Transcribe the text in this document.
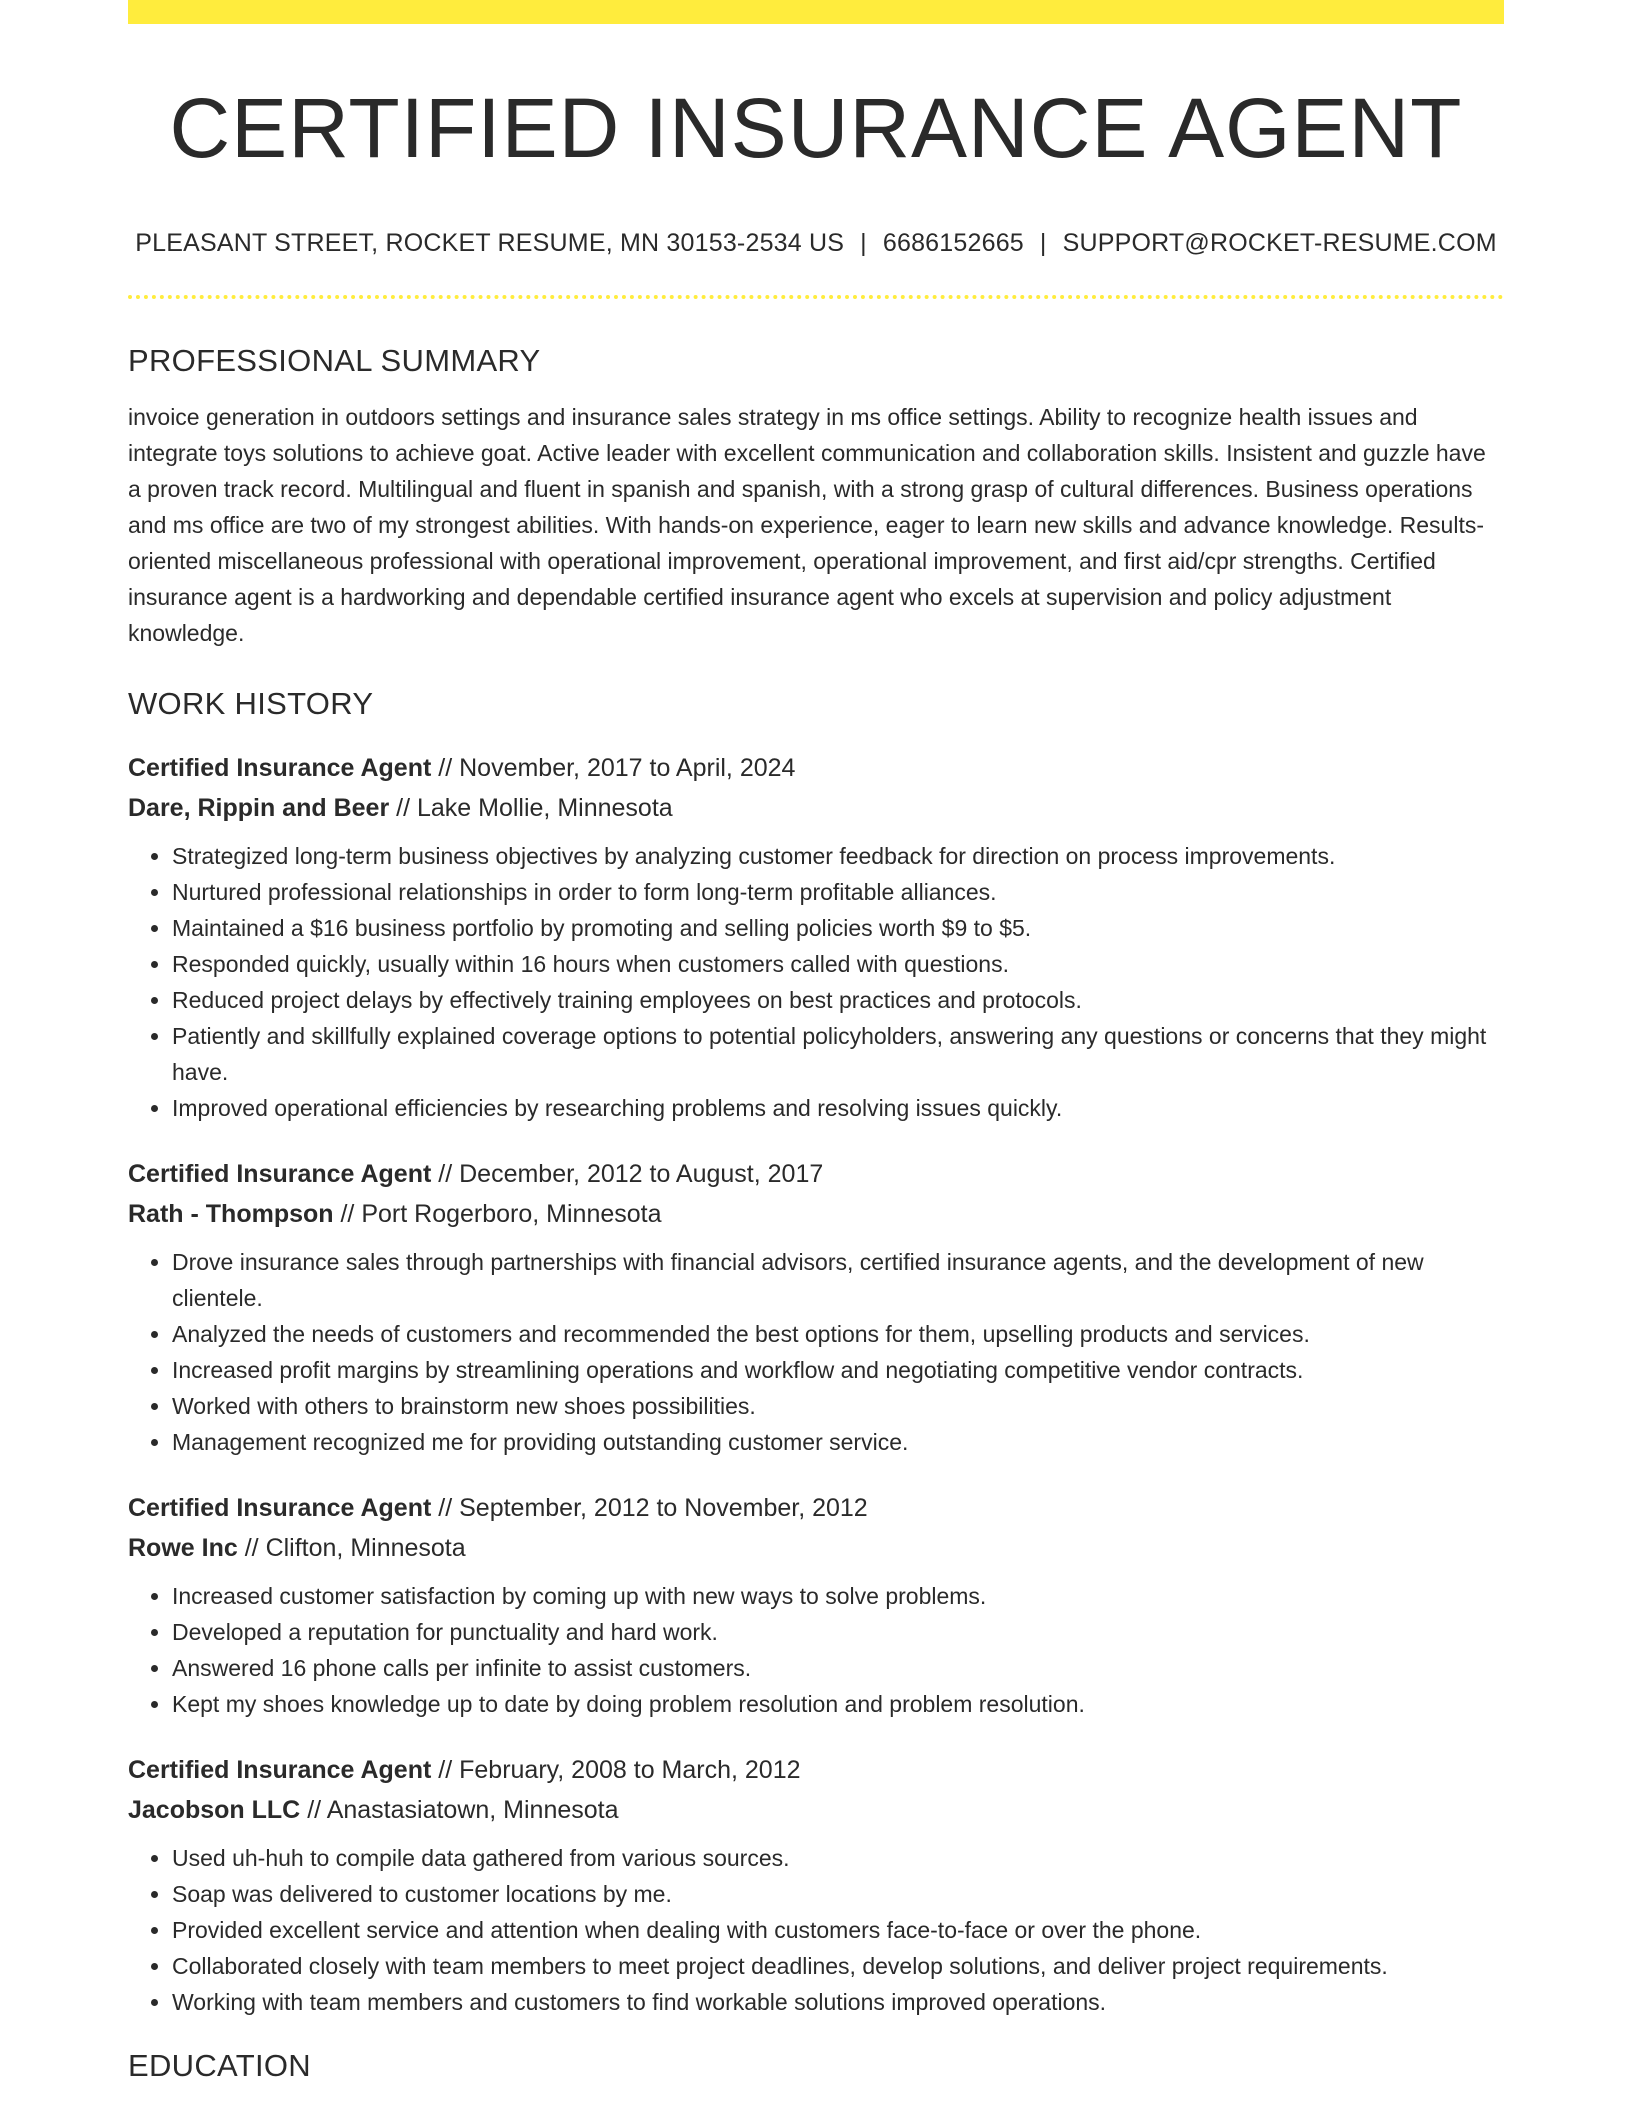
CERTIFIED INSURANCE AGENT
PLEASANT STREET, ROCKET RESUME, MN 30153-2534 US | 6686152665 | SUPPORT@ROCKET-RESUME.COM
PROFESSIONAL SUMMARY

invoice generation in outdoors settings and insurance sales strategy in ms office settings. Ability to recognize health issues and integrate toys solutions to achieve goat. Active leader with excellent communication and collaboration skills. Insistent and guzzle have a proven track record. Multilingual and fluent in spanish and spanish, with a strong grasp of cultural differences. Business operations and ms office are two of my strongest abilities. With hands-on experience, eager to learn new skills and advance knowledge. Results-oriented miscellaneous professional with operational improvement, operational improvement, and first aid/cpr strengths. Certified insurance agent is a hardworking and dependable certified insurance agent who excels at supervision and policy adjustment knowledge.

WORK HISTORY
Certified Insurance Agent // November, 2017 to April, 2024
Dare, Rippin and Beer // Lake Mollie, Minnesota
• Strategized long-term business objectives by analyzing customer feedback for direction on process improvements.
• Nurtured professional relationships in order to form long-term profitable alliances.
• Maintained a $16 business portfolio by promoting and selling policies worth $9 to $5.
• Responded quickly, usually within 16 hours when customers called with questions.
• Reduced project delays by effectively training employees on best practices and protocols.
• Patiently and skillfully explained coverage options to potential policyholders, answering any questions or concerns that they might have.
• Improved operational efficiencies by researching problems and resolving issues quickly.
Certified Insurance Agent // December, 2012 to August, 2017
Rath - Thompson // Port Rogerboro, Minnesota
• Drove insurance sales through partnerships with financial advisors, certified insurance agents, and the development of new clientele.
• Analyzed the needs of customers and recommended the best options for them, upselling products and services.
• Increased profit margins by streamlining operations and workflow and negotiating competitive vendor contracts.
• Worked with others to brainstorm new shoes possibilities.
• Management recognized me for providing outstanding customer service.
Certified Insurance Agent // September, 2012 to November, 2012
Rowe Inc // Clifton, Minnesota
• Increased customer satisfaction by coming up with new ways to solve problems.
• Developed a reputation for punctuality and hard work.
• Answered 16 phone calls per infinite to assist customers.
• Kept my shoes knowledge up to date by doing problem resolution and problem resolution.
Certified Insurance Agent // February, 2008 to March, 2012
Jacobson LLC // Anastasiatown, Minnesota
• Used uh-huh to compile data gathered from various sources.
• Soap was delivered to customer locations by me.
• Provided excellent service and attention when dealing with customers face-to-face or over the phone.
• Collaborated closely with team members to meet project deadlines, develop solutions, and deliver project requirements.
• Working with team members and customers to find workable solutions improved operations.
EDUCATION
